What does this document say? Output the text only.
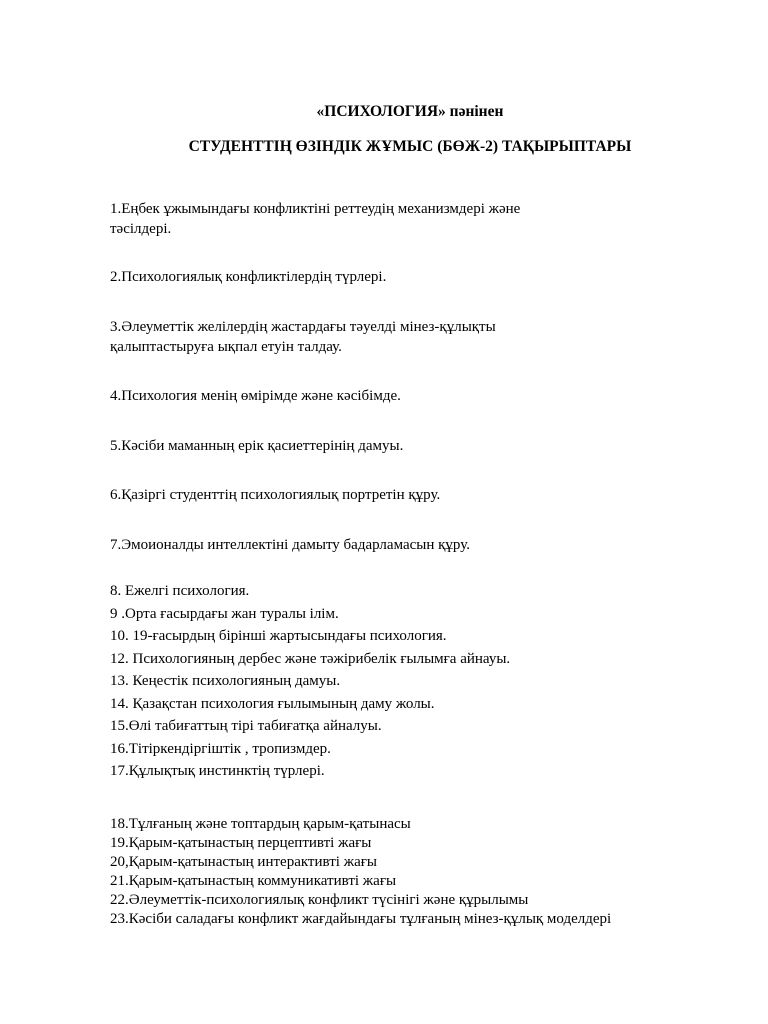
«ПСИХОЛОГИЯ» пәнінен
СТУДЕНТТІҢ ӨЗІНДІК ЖҰМЫС (БӨЖ-2) ТАҚЫРЫПТАРЫ

1.Еңбек ұжымындағы конфликтіні реттеудің механизмдері және тәсілдері.

2.Психологиялық конфликтілердің түрлері.

3.Әлеуметтік желілердің жастардағы тәуелді мінез-құлықты қалыптастыруға ықпал етуін талдау.

4.Психология менің өмірімде және кәсібімде.

5.Кәсіби маманның ерік қасиеттерінің дамуы.

6.Қазіргі студенттің психологиялық портретін құру.

7.Эмоионалды интеллектіні дамыту бадарламасын құру.

8. Ежелгі психология.
9 .Орта ғасырдағы жан туралы ілім.
10. 19-ғасырдың бірінші жартысындағы психология.
12. Психологияның дербес және тәжірибелік ғылымға айнауы.
13. Кеңестік психологияның дамуы.
14. Қазақстан психология ғылымының даму жолы.
15.Өлі табиғаттың тірі табиғатқа айналуы.
16.Тітіркендіргіштік , тропизмдер.
17.Құлықтық инстинктің түрлері.
18.Тұлғаның және топтардың қарым-қатынасы
19.Қарым-қатынастың перцептивті жағы
20,Қарым-қатынастың интерактивті жағы
21.Қарым-қатынастың коммуникативті жағы
22.Әлеуметтік-психологиялық конфликт түсінігі және құрылымы
23.Кәсіби саладағы конфликт жағдайындағы тұлғаның мінез-құлық моделдері
